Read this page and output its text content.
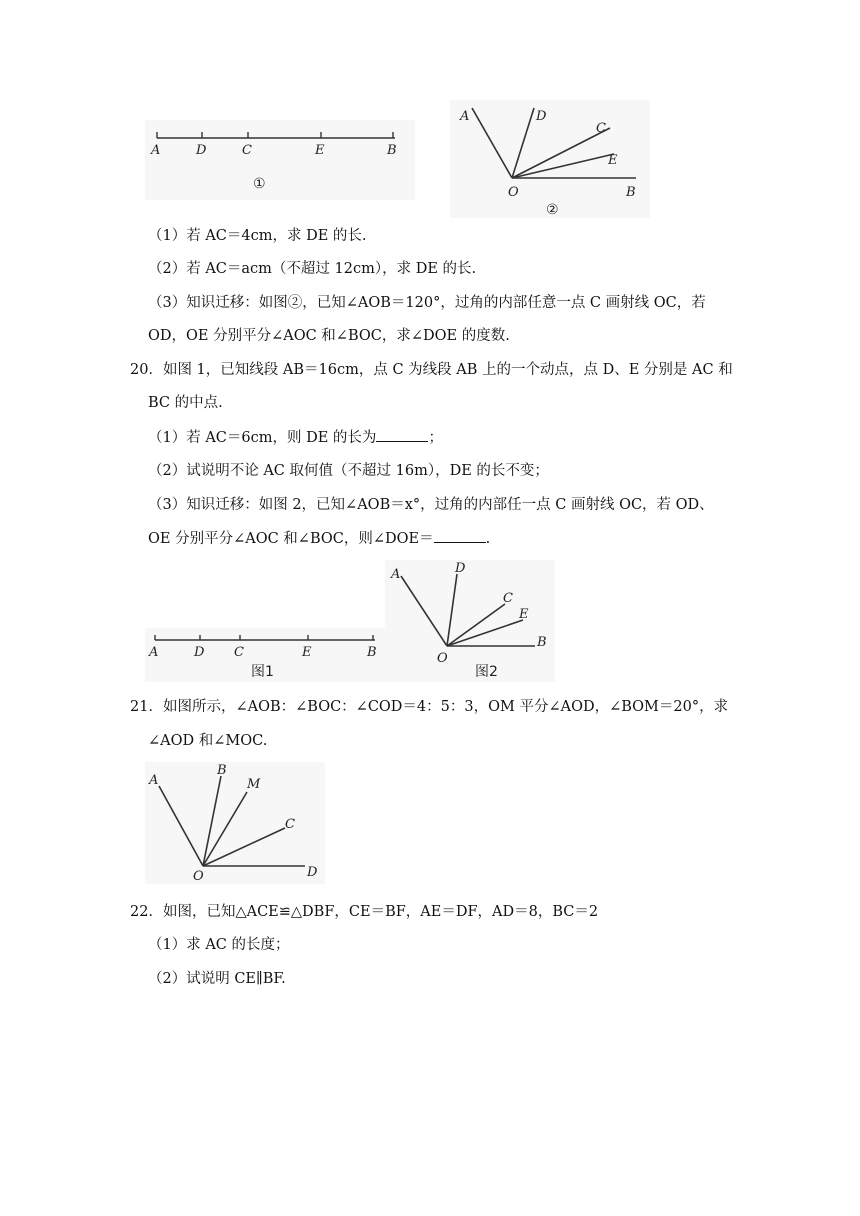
A	D	C	E	B
①
A	D
C
E
O	B
②
（1）若 AC＝4cm，求 DE 的长.
（2）若 AC＝acm（不超过 12cm），求 DE 的长.
（3）知识迁移：如图②，已知∠AOB＝120°，过角的内部任意一点 C 画射线 OC，若
OD，OE 分别平分∠AOC 和∠BOC，求∠DOE 的度数.
20．如图 1，已知线段 AB＝16cm，点 C 为线段 AB 上的一个动点，点 D、E 分别是 AC 和
BC 的中点.
（1）若 AC＝6cm，则 DE 的长为	；
（2）试说明不论 AC 取何值（不超过 16m），DE 的长不变；
（3）知识迁移：如图 2，已知∠AOB＝x°，过角的内部任一点 C 画射线 OC，若 OD、
OE 分别平分∠AOC 和∠BOC，则∠DOE＝	.
A	D C	E	B
图1
A	D
C
E
B
O
图2
21．如图所示，∠AOB：∠BOC：∠COD＝4：5：3，OM 平分∠AOD，∠BOM＝20°，求
∠AOD 和∠MOC.
A
B
M
C
O	D
22．如图，已知△ACE≌△DBF，CE＝BF，AE＝DF，AD＝8，BC＝2
（1）求 AC 的长度；
（2）试说明 CE∥BF.
